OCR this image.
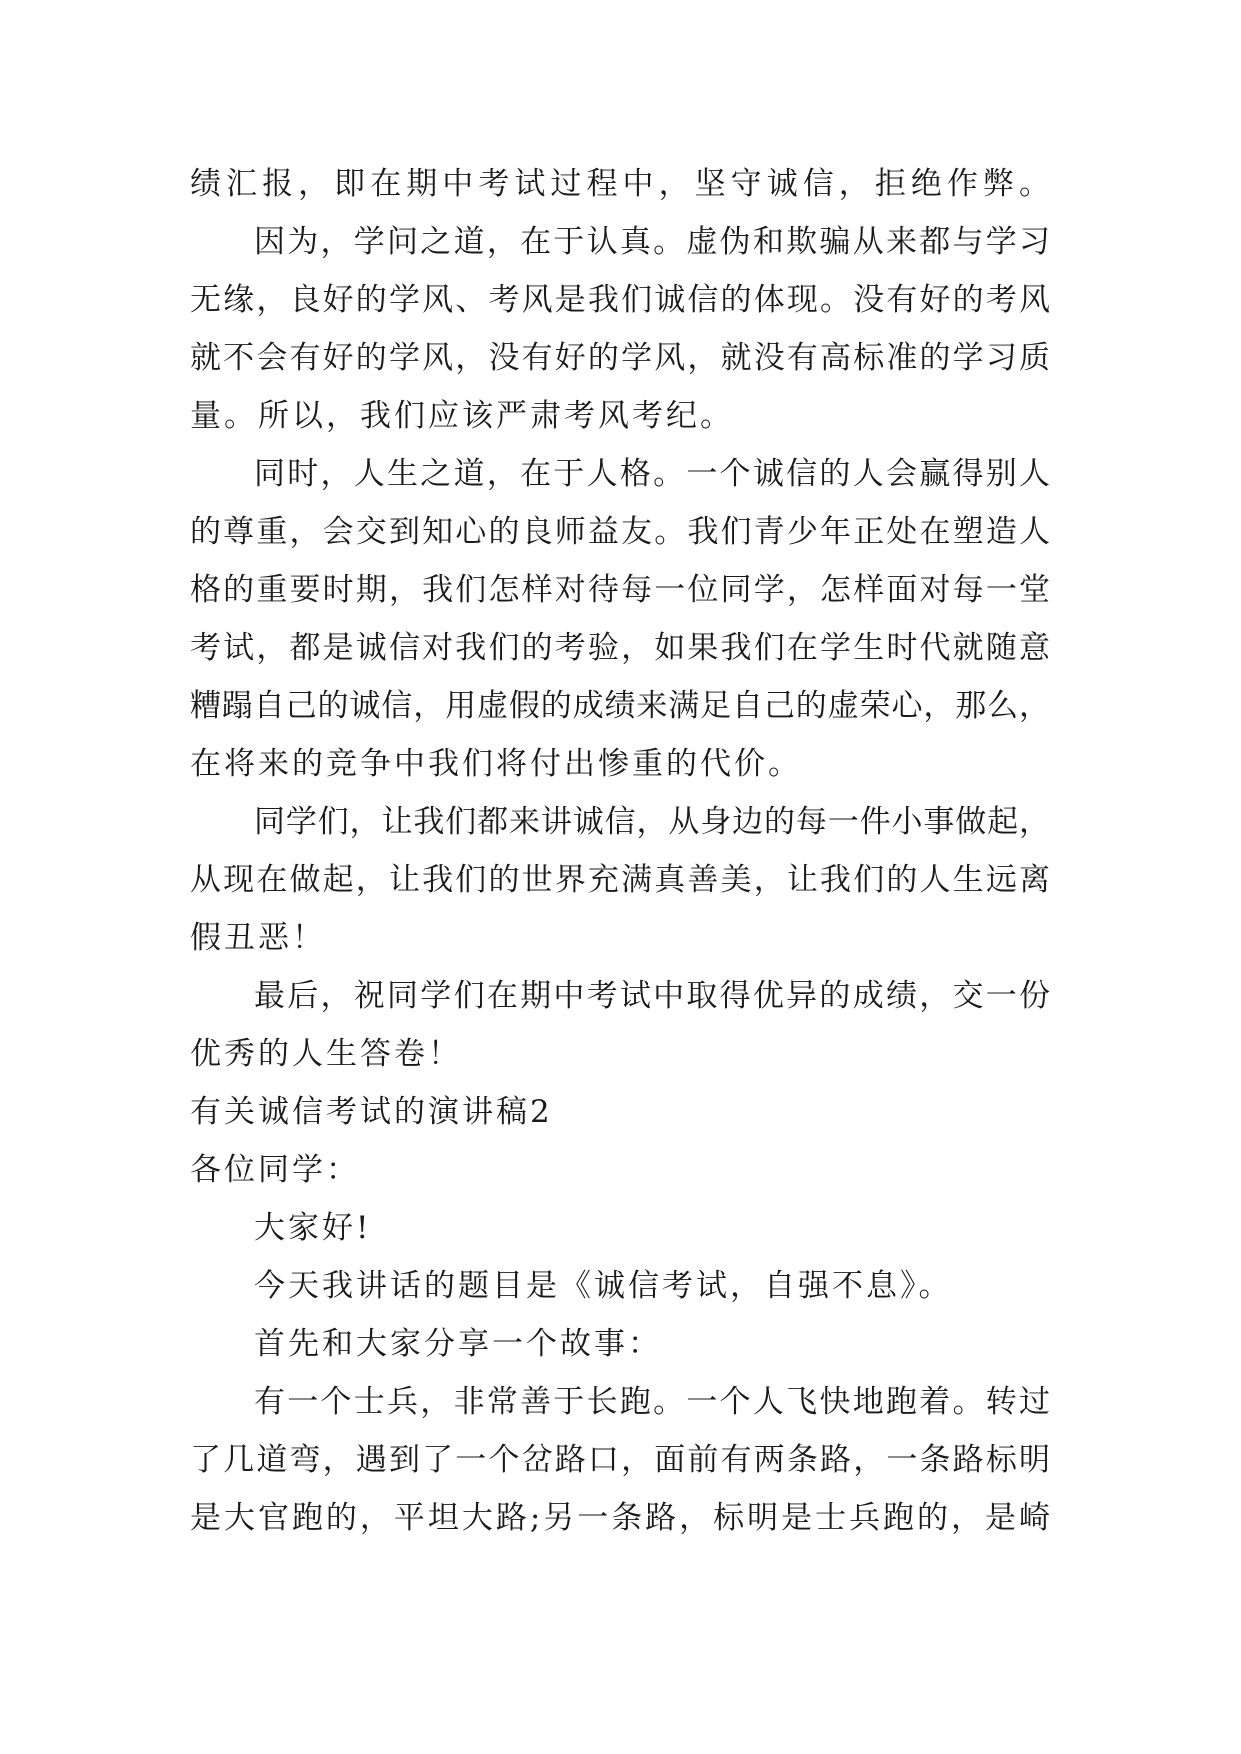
绩汇报，即在期中考试过程中，坚守诚信，拒绝作弊。
因为，学问之道，在于认真。虚伪和欺骗从来都与学习
无缘，良好的学风、考风是我们诚信的体现。没有好的考风
就不会有好的学风，没有好的学风，就没有高标准的学习质
量。所以，我们应该严肃考风考纪。
同时，人生之道，在于人格。一个诚信的人会赢得别人
的尊重，会交到知心的良师益友。我们青少年正处在塑造人
格的重要时期，我们怎样对待每一位同学，怎样面对每一堂
考试，都是诚信对我们的考验，如果我们在学生时代就随意
糟蹋自己的诚信，用虚假的成绩来满足自己的虚荣心，那么，
在将来的竞争中我们将付出惨重的代价。
同学们，让我们都来讲诚信，从身边的每一件小事做起，
从现在做起，让我们的世界充满真善美，让我们的人生远离
假丑恶！
最后，祝同学们在期中考试中取得优异的成绩，交一份
优秀的人生答卷！
有关诚信考试的演讲稿2
各位同学：
大家好!
今天我讲话的题目是《诚信考试，自强不息》。
首先和大家分享一个故事：
有一个士兵，非常善于长跑。一个人飞快地跑着。转过
了几道弯，遇到了一个岔路口，面前有两条路，一条路标明
是大官跑的，平坦大路;另一条路，标明是士兵跑的，是崎
